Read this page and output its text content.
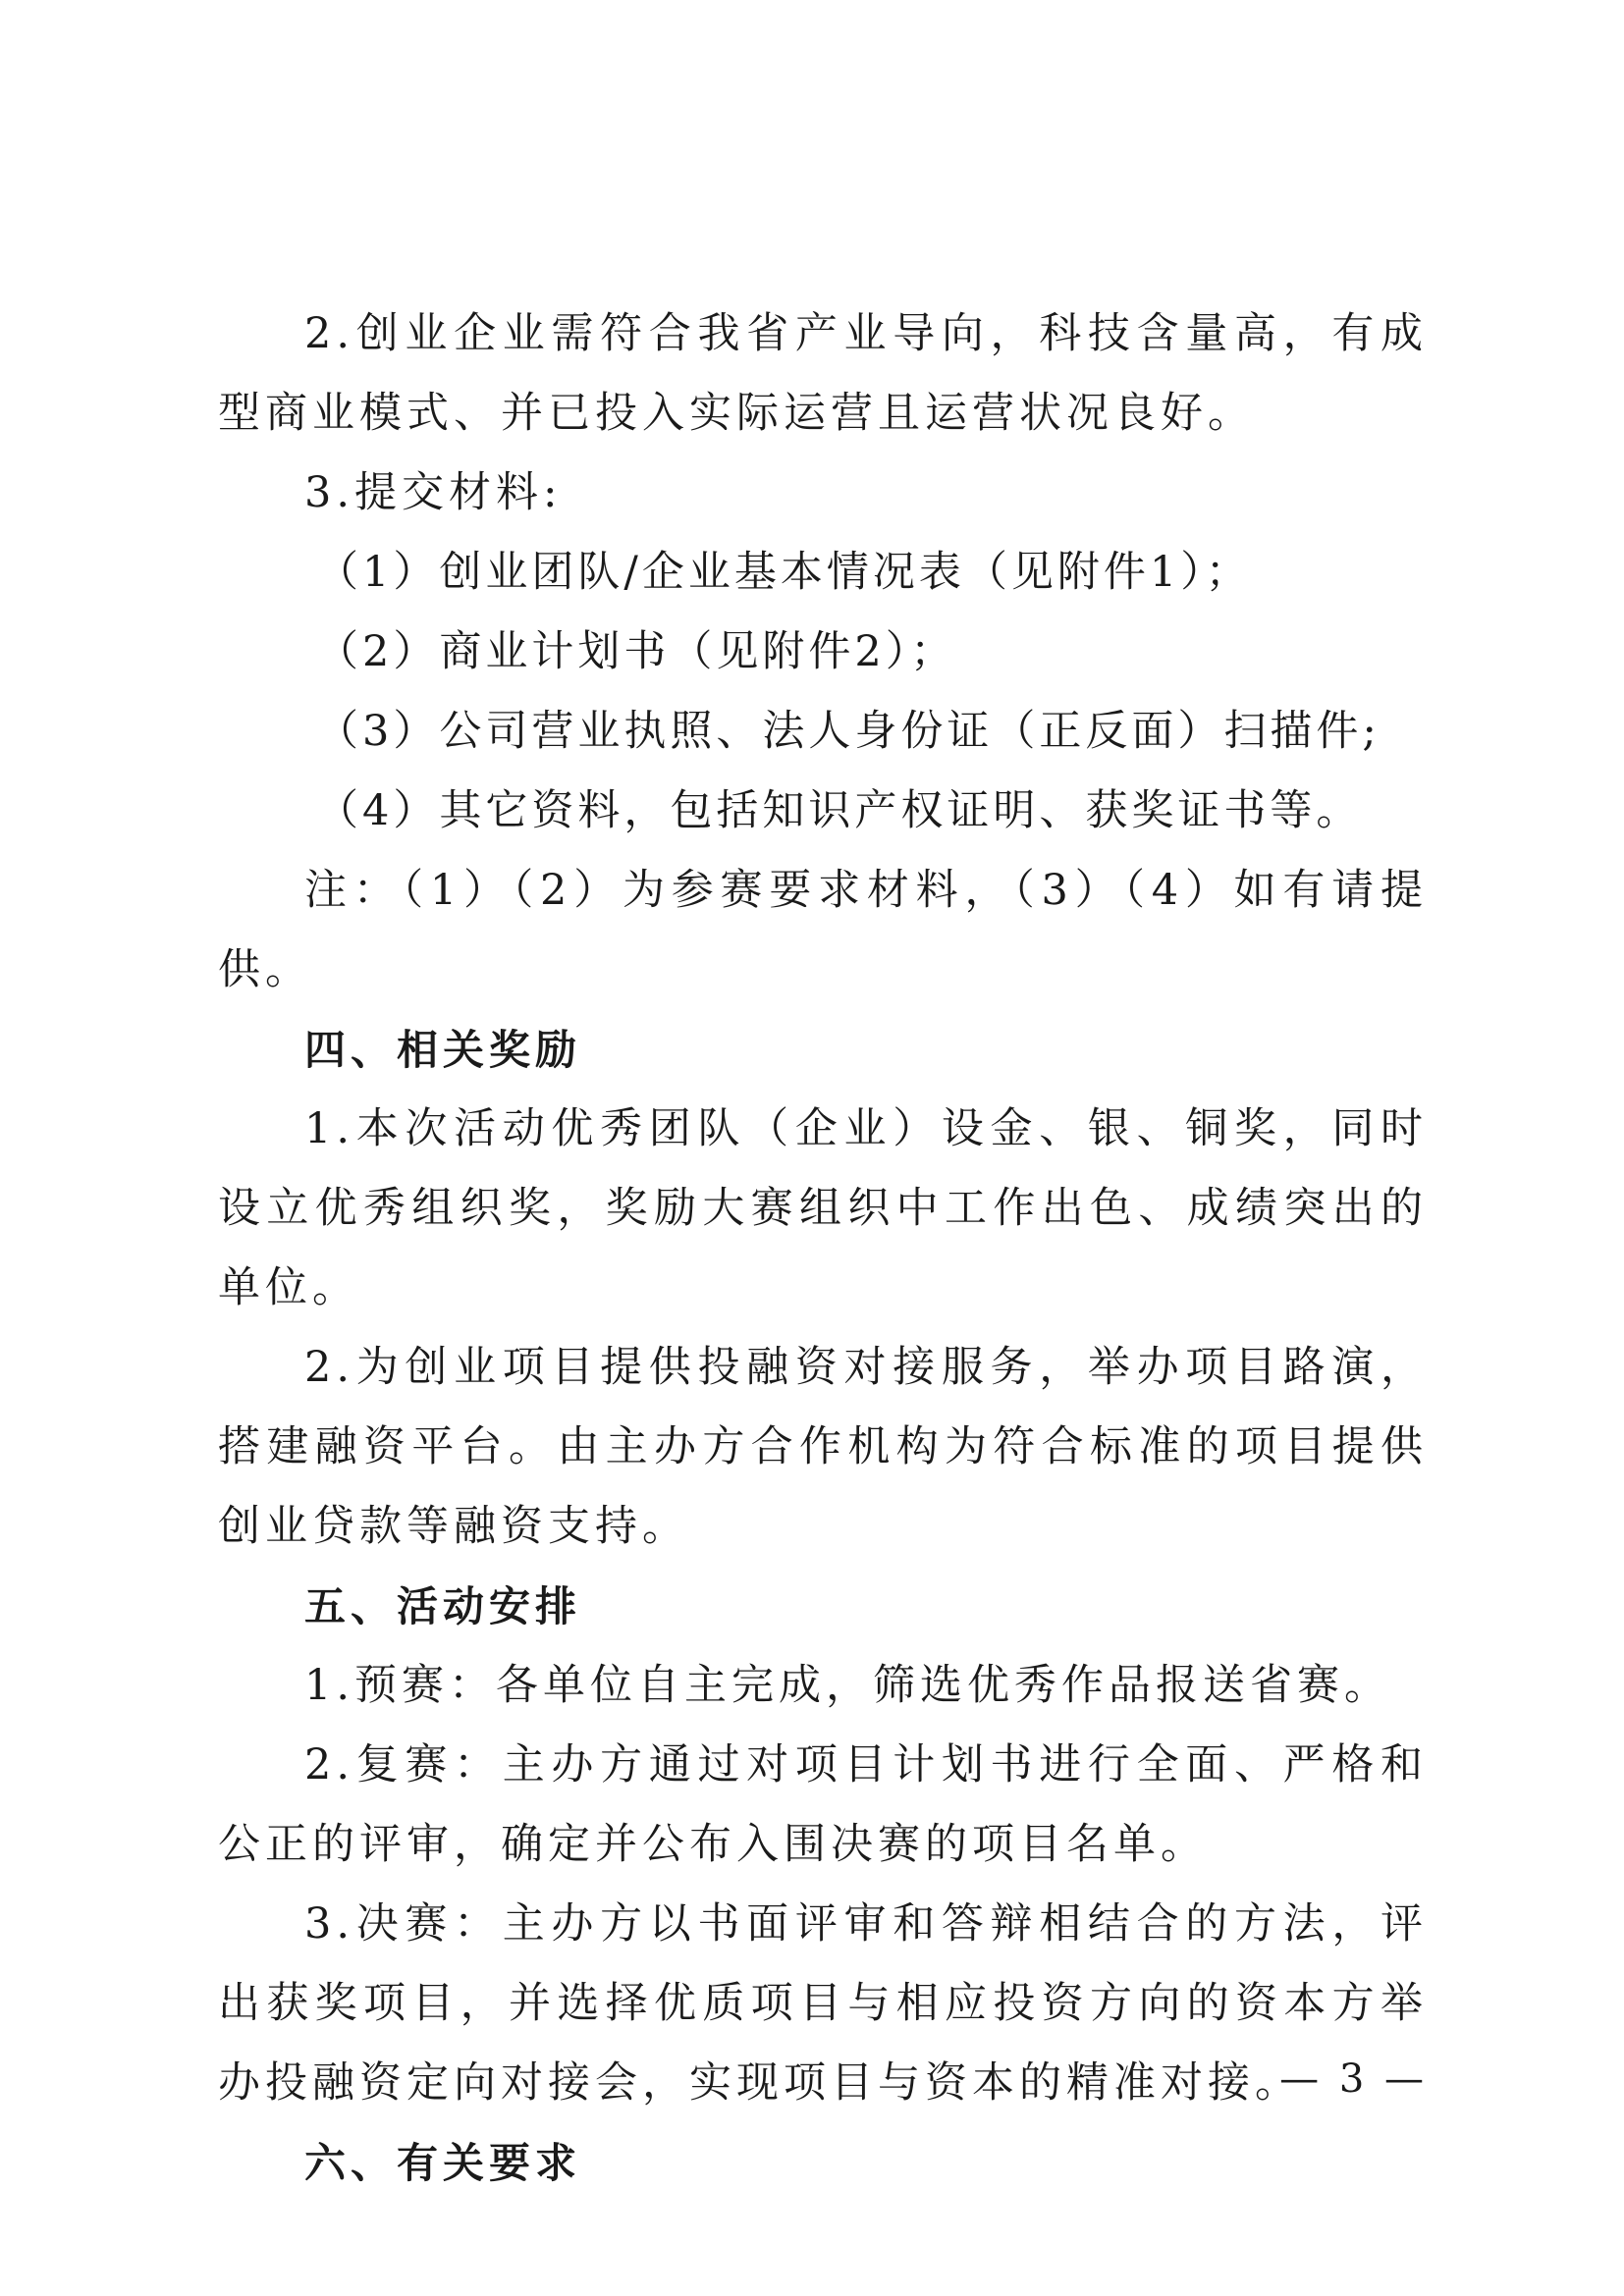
2.创业企业需符合我省产业导向，科技含量高，有成型商业模式、并已投入实际运营且运营状况良好。

3.提交材料:

（1）创业团队/企业基本情况表（见附件1）；

（2）商业计划书（见附件2）；

（3）公司营业执照、法人身份证（正反面）扫描件;

（4）其它资料，包括知识产权证明、获奖证书等。

注：（1）（2）为参赛要求材料，（3）（4）如有请提供。

四、相关奖励

1.本次活动优秀团队（企业）设金、银、铜奖，同时设立优秀组织奖，奖励大赛组织中工作出色、成绩突出的单位。

2.为创业项目提供投融资对接服务，举办项目路演，搭建融资平台。由主办方合作机构为符合标准的项目提供创业贷款等融资支持。

五、活动安排

1.预赛：各单位自主完成，筛选优秀作品报送省赛。

2.复赛：主办方通过对项目计划书进行全面、严格和公正的评审，确定并公布入围决赛的项目名单。

3.决赛：主办方以书面评审和答辩相结合的方法，评出获奖项目，并选择优质项目与相应投资方向的资本方举办投融资定向对接会，实现项目与资本的精准对接。

六、有关要求

— 3 —
